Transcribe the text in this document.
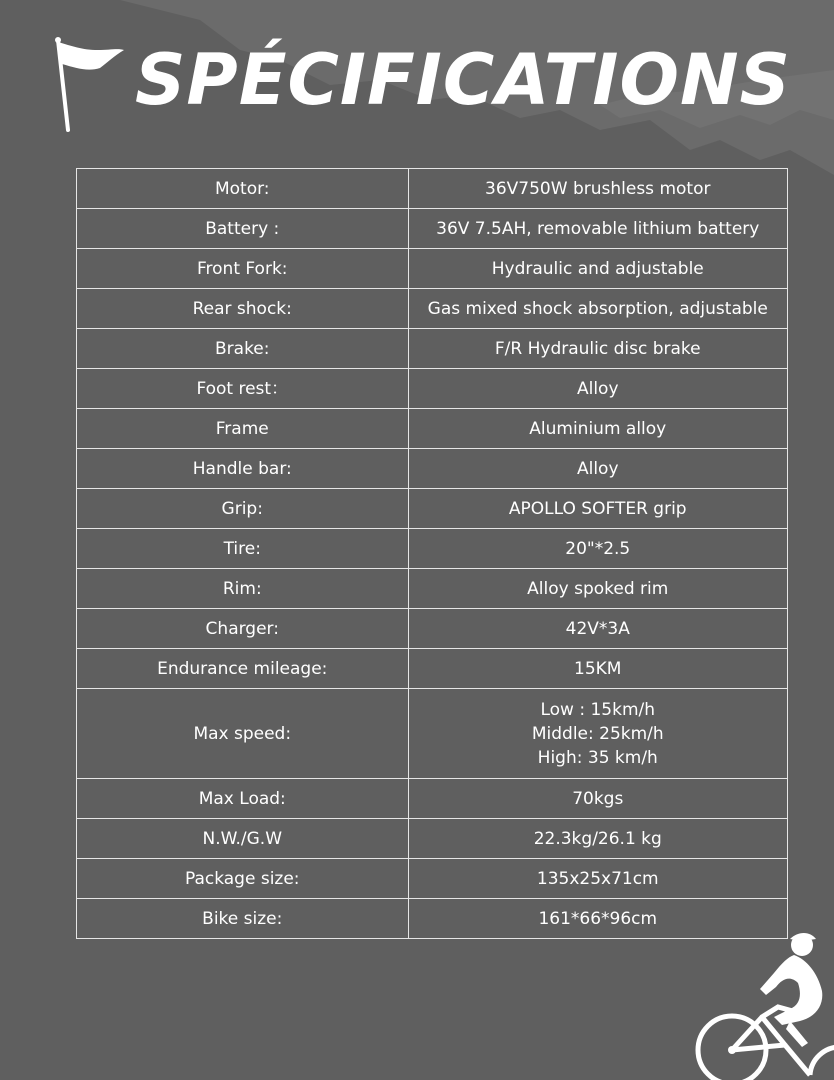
SPÉCIFICATIONS
Motor:	36V750W brushless motor
Battery :	36V 7.5AH, removable lithium battery
Front Fork:	Hydraulic and adjustable
Rear shock:	Gas mixed shock absorption, adjustable
Brake:	F/R Hydraulic disc brake
Foot rest：	Alloy
Frame	Aluminium alloy
Handle bar:	Alloy
Grip:	APOLLO SOFTER grip
Tire:	20"*2.5
Rim:	Alloy spoked rim
Charger:	42V*3A
Endurance mileage:	15KM
Max speed:	Low : 15km/h
Middle: 25km/h
High: 35 km/h

Max Load:	70kgs
N.W./G.W	22.3kg/26.1 kg
Package size:	135x25x71cm
Bike size:	161*66*96cm
